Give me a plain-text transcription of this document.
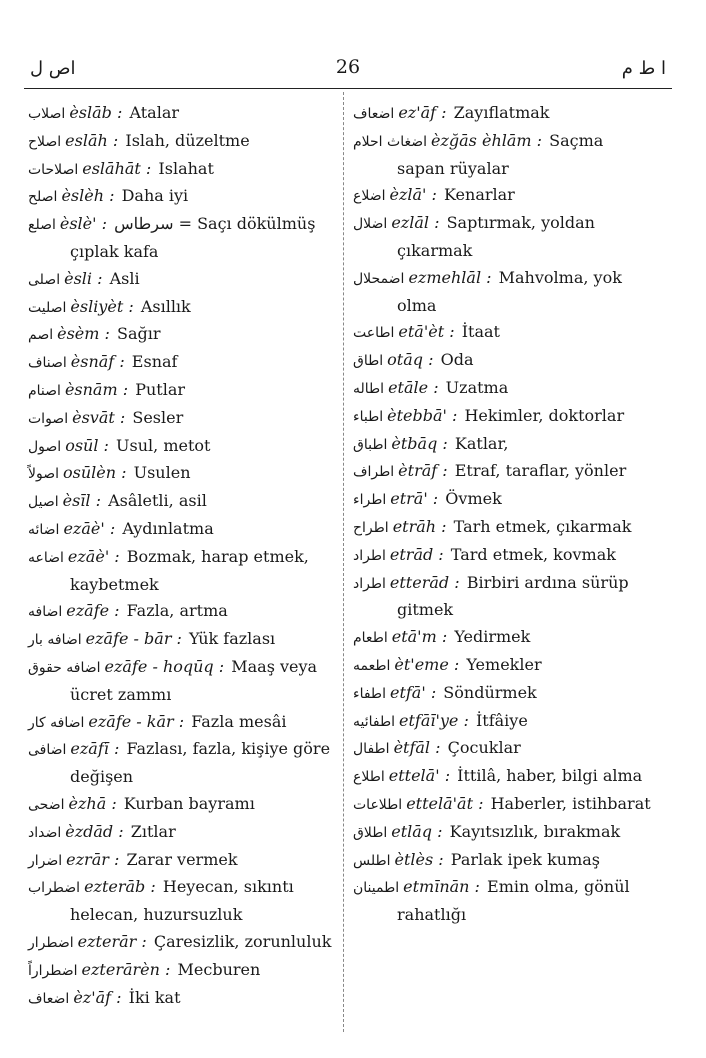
اص ل	26	ا ط م
اصلاب èslāb : Atalar
اصلاح eslāh : Islah, düzeltme
اصلاحات eslāhāt : Islahat
اصلح èslèh : Daha iyi
اصلع èslè' : سرطاس = Saçı dökülmüş çıplak kafa
اصلی èsli : Asli
اصلیت èsliyèt : Asıllık
اصم èsèm : Sağır
اصناف èsnāf : Esnaf
اصنام èsnām : Putlar
اصوات èsvāt : Sesler
اصول osūl : Usul, metot
اصولاً osūlèn : Usulen
اصیل èsīl : Asâletli, asil
اضائه ezāè' : Aydınlatma
اضاعه ezāè' : Bozmak, harap etmek, kaybetmek
اضافه ezāfe : Fazla, artma
اضافه بار ezāfe - bār : Yük fazlası
اضافه حقوق ezāfe - hoqūq : Maaş veya ücret zammı
اضافه كار ezāfe - kār : Fazla mesâi
اضافی ezāfī : Fazlası, fazla, kişiye göre değişen
اضحی èzhā : Kurban bayramı
اضداد èzdād : Zıtlar
اضرار ezrār : Zarar vermek
اضطراب ezterāb : Heyecan, sıkıntı helecan, huzursuzluk
اضطرار ezterār : Çaresizlik, zorunluluk
اضطراراً ezterārèn : Mecburen
اضعاف èz'āf : İki kat
اضعاف ez'āf : Zayıflatmak
اضغاث احلام èzğās èhlām : Saçma sapan rüyalar
اضلاع èzlā' : Kenarlar
اضلال ezlāl : Saptırmak, yoldan çıkarmak
اضمحلال ezmehlāl : Mahvolma, yok olma
اطاعت etā'èt : İtaat
اطاق otāq : Oda
اطاله etāle : Uzatma
اطباء ètebbā' : Hekimler, doktorlar
اطباق ètbāq : Katlar,
اطراف ètrāf : Etraf, taraflar, yönler
اطراء etrā' : Övmek
اطراح etrāh : Tarh etmek, çıkarmak
اطراد etrād : Tard etmek, kovmak
اطراد etterād : Birbiri ardına sürüp gitmek
اطعام etā'm : Yedirmek
اطعمه èt'eme : Yemekler
اطفاء etfā' : Söndürmek
اطفائیه etfāī'ye : İtfâiye
اطفال ètfāl : Çocuklar
اطلاع ettelā' : İttilâ, haber, bilgi alma
اطلاعات ettelā'āt : Haberler, istihbarat
اطلاق etlāq : Kayıtsızlık, bırakmak
اطلس ètlès : Parlak ipek kumaş
اطمینان etmīnān : Emin olma, gönül rahatlığı
